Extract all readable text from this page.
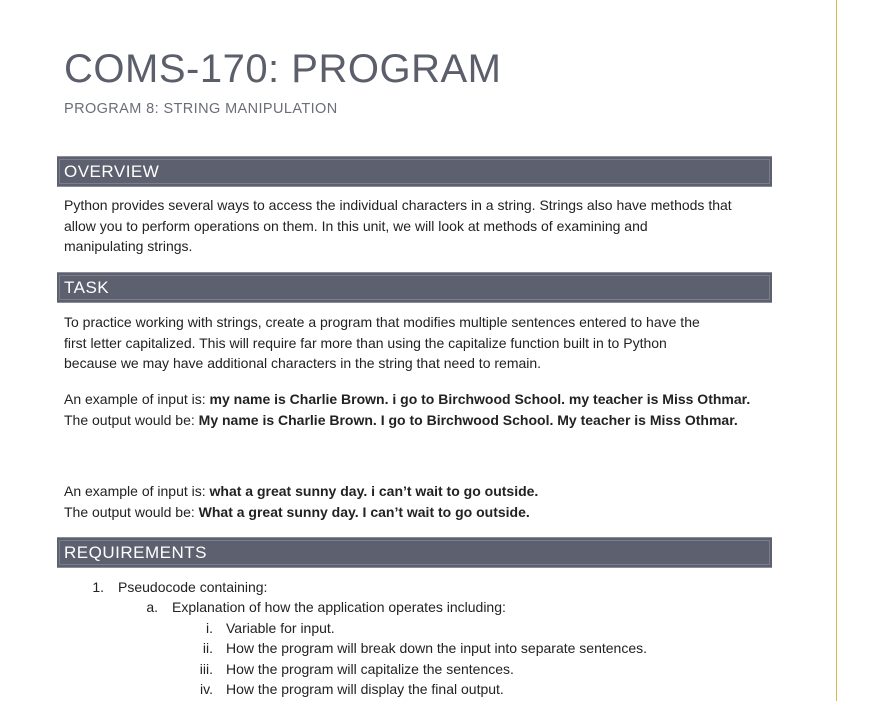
COMS-170: PROGRAM

PROGRAM 8: STRING MANIPULATION

OVERVIEW

Python provides several ways to access the individual characters in a string. Strings also have methods that
allow you to perform operations on them. In this unit, we will look at methods of examining and
manipulating strings.

TASK

To practice working with strings, create a program that modifies multiple sentences entered to have the
first letter capitalized. This will require far more than using the capitalize function built in to Python
because we may have additional characters in the string that need to remain.

An example of input is: my name is Charlie Brown. i go to Birchwood School. my teacher is Miss Othmar.
The output would be: My name is Charlie Brown. I go to Birchwood School. My teacher is Miss Othmar.

An example of input is: what a great sunny day. i can’t wait to go outside.
The output would be: What a great sunny day. I can’t wait to go outside.

REQUIREMENTS
1. Pseudocode containing:
a. Explanation of how the application operates including:
i. Variable for input.
ii. How the program will break down the input into separate sentences.
iii. How the program will capitalize the sentences.
iv. How the program will display the final output.
